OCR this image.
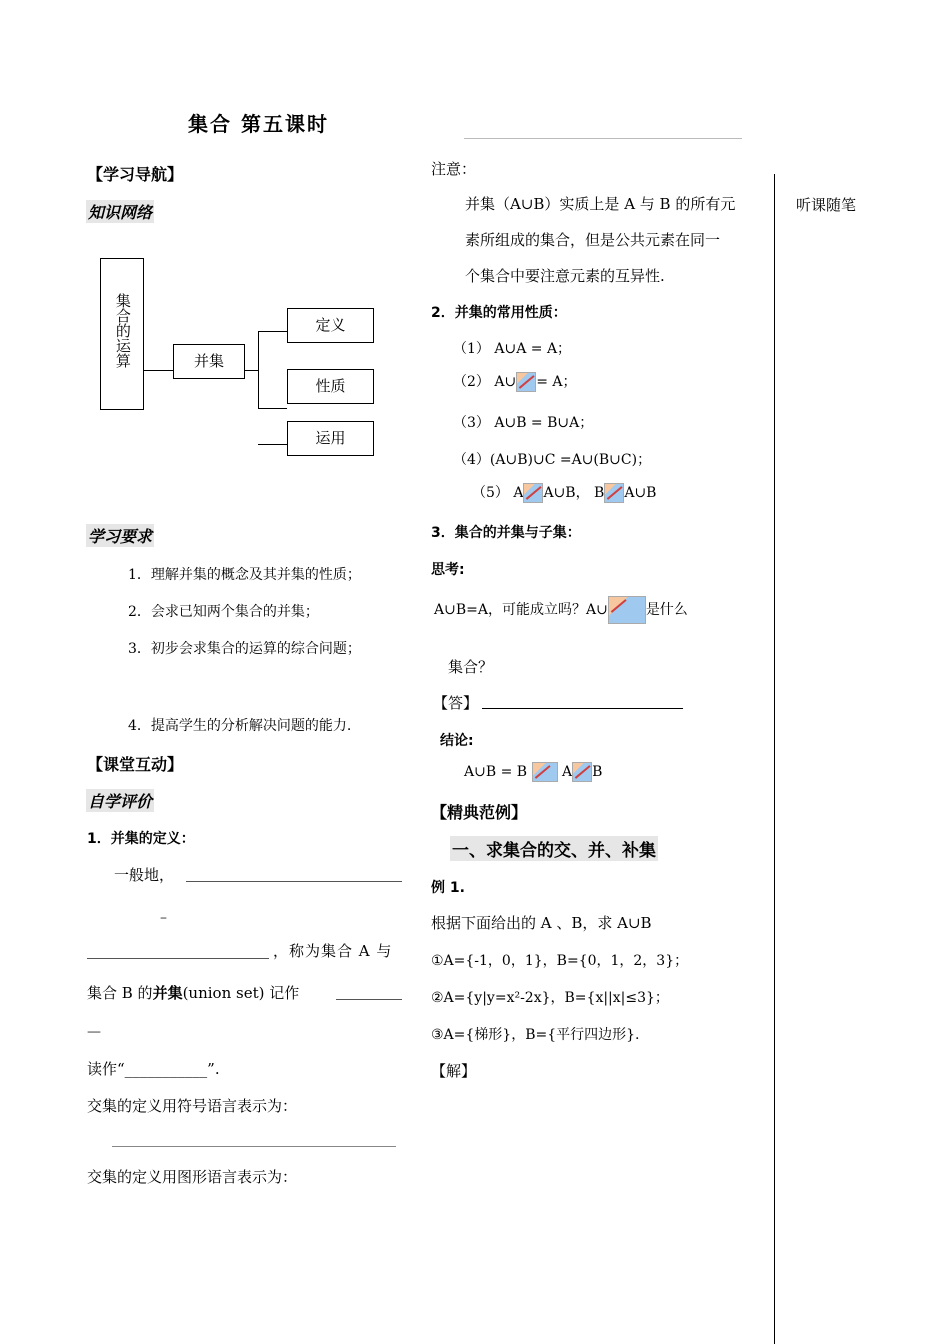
集合 第五课时
【学习导航】
知识网络
集合的运算	并集
定义
性质
运用
学习要求
1．理解并集的概念及其并集的性质；
2．会求已知两个集合的并集；
3．初步会求集合的运算的综合问题；
4．提高学生的分析解决问题的能力.
【课堂互动】
自学评价
1．并集的定义：
一般地，
–
，称为集合 A 与
集合 B 的并集(union set) 记作
—
读作“___________”.
交集的定义用符号语言表示为：
交集的定义用图形语言表示为：
注意：
并集（A∪B）实质上是 A 与 B 的所有元
素所组成的集合，但是公共元素在同一
个集合中要注意元素的互异性.
2．并集的常用性质：
（1） A∪A = A；
（2） A∪ = A；
（3） A∪B = B∪A；
（4）(A∪B)∪C =A∪(B∪C)；
（5） A A∪B， B A∪B
3．集合的并集与子集：
思考:
A∪B=A，可能成立吗？A∪	是什么
集合？
【答】
结论:
A∪B = B A B
【精典范例】
一、求集合的交、并、补集
例 1.
根据下面给出的 A 、B，求 A∪B
①A={-1，0，1}，B={0，1，2，3}；
②A={y|y=x²-2x}，B={x||x|≤3}；
③A={梯形}，B={平行四边形}.
【解】
听课随笔
